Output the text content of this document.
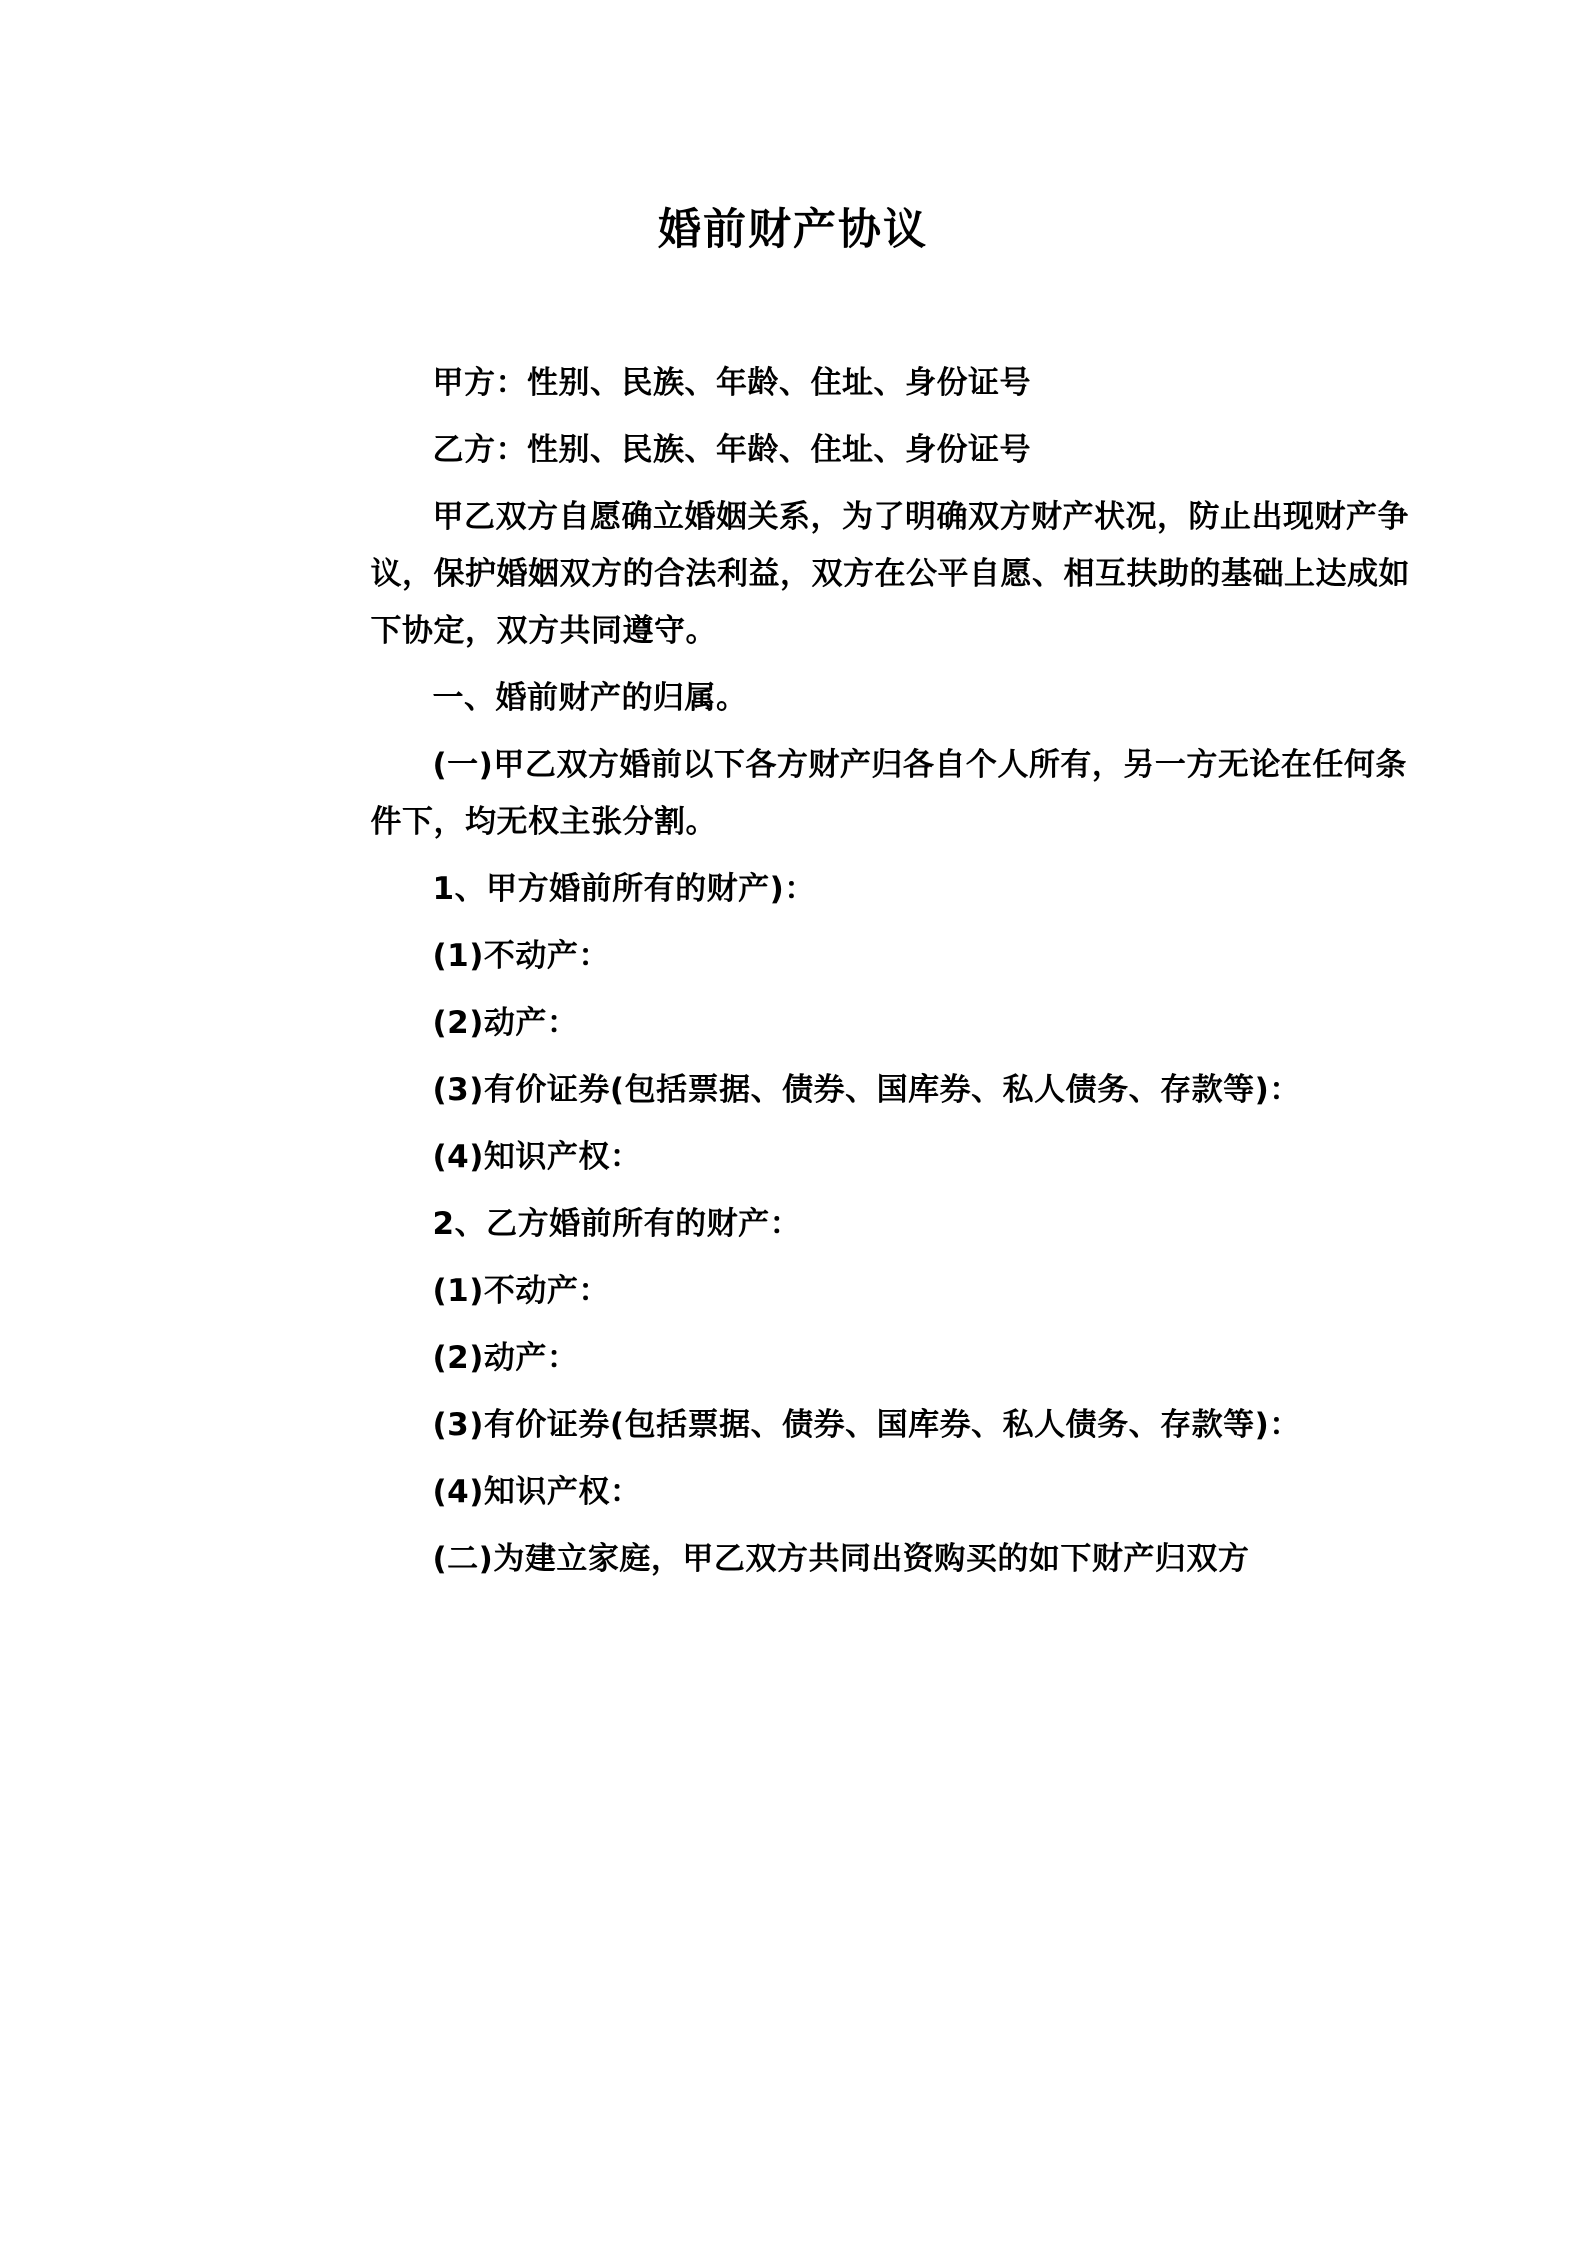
婚前财产协议

甲方：性别、民族、年龄、住址、身份证号

乙方：性别、民族、年龄、住址、身份证号

甲乙双方自愿确立婚姻关系，为了明确双方财产状况，防止出现财产争议，保护婚姻双方的合法利益，双方在公平自愿、相互扶助的基础上达成如下协定，双方共同遵守。

一、婚前财产的归属。

(一)甲乙双方婚前以下各方财产归各自个人所有，另一方无论在任何条件下，均无权主张分割。

1、甲方婚前所有的财产)：

(1)不动产：

(2)动产：

(3)有价证券(包括票据、债券、国库券、私人债务、存款等)：

(4)知识产权：

2、乙方婚前所有的财产：

(1)不动产：

(2)动产：

(3)有价证券(包括票据、债券、国库券、私人债务、存款等)：

(4)知识产权：

(二)为建立家庭，甲乙双方共同出资购买的如下财产归双方
